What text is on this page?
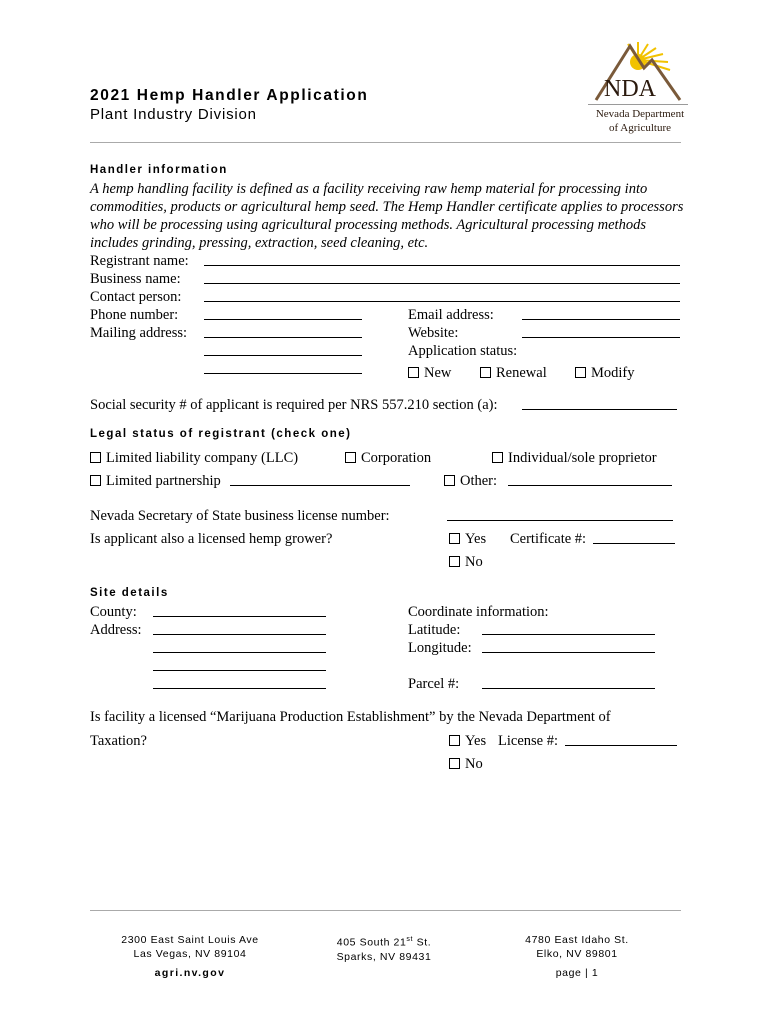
2021 Hemp Handler Application
Plant Industry Division
NDA
Nevada Department
of Agriculture
Handler information
A hemp handling facility is defined as a facility receiving raw hemp material for processing into commodities, products or agricultural hemp seed. The Hemp Handler certificate applies to processors who will be processing using agricultural processing methods. Agricultural processing methods includes grinding, pressing, extraction, seed cleaning, etc.
Registrant name:
Business name:
Contact person:
Phone number:	Email address:
Mailing address:	Website:
Application status:
New	Renewal	Modify
Social security # of applicant is required per NRS 557.210 section (a):
Legal status of registrant (check one)
Limited liability company (LLC)	Corporation	Individual/sole proprietor
Limited partnership	Other:
Nevada Secretary of State business license number:
Is applicant also a licensed hemp grower?	Yes Certificate #:
No
Site details
County:
Address:
Coordinate information:
Latitude:
Longitude:
Parcel #:
Is facility a licensed “Marijuana Production Establishment” by the Nevada Department of
Taxation?	Yes License #:
No
2300 East Saint Louis Ave
Las Vegas, NV 89104
405 South 21st St.
Sparks, NV 89431
4780 East Idaho St.
Elko, NV 89801
agri.nv.gov	page | 1
